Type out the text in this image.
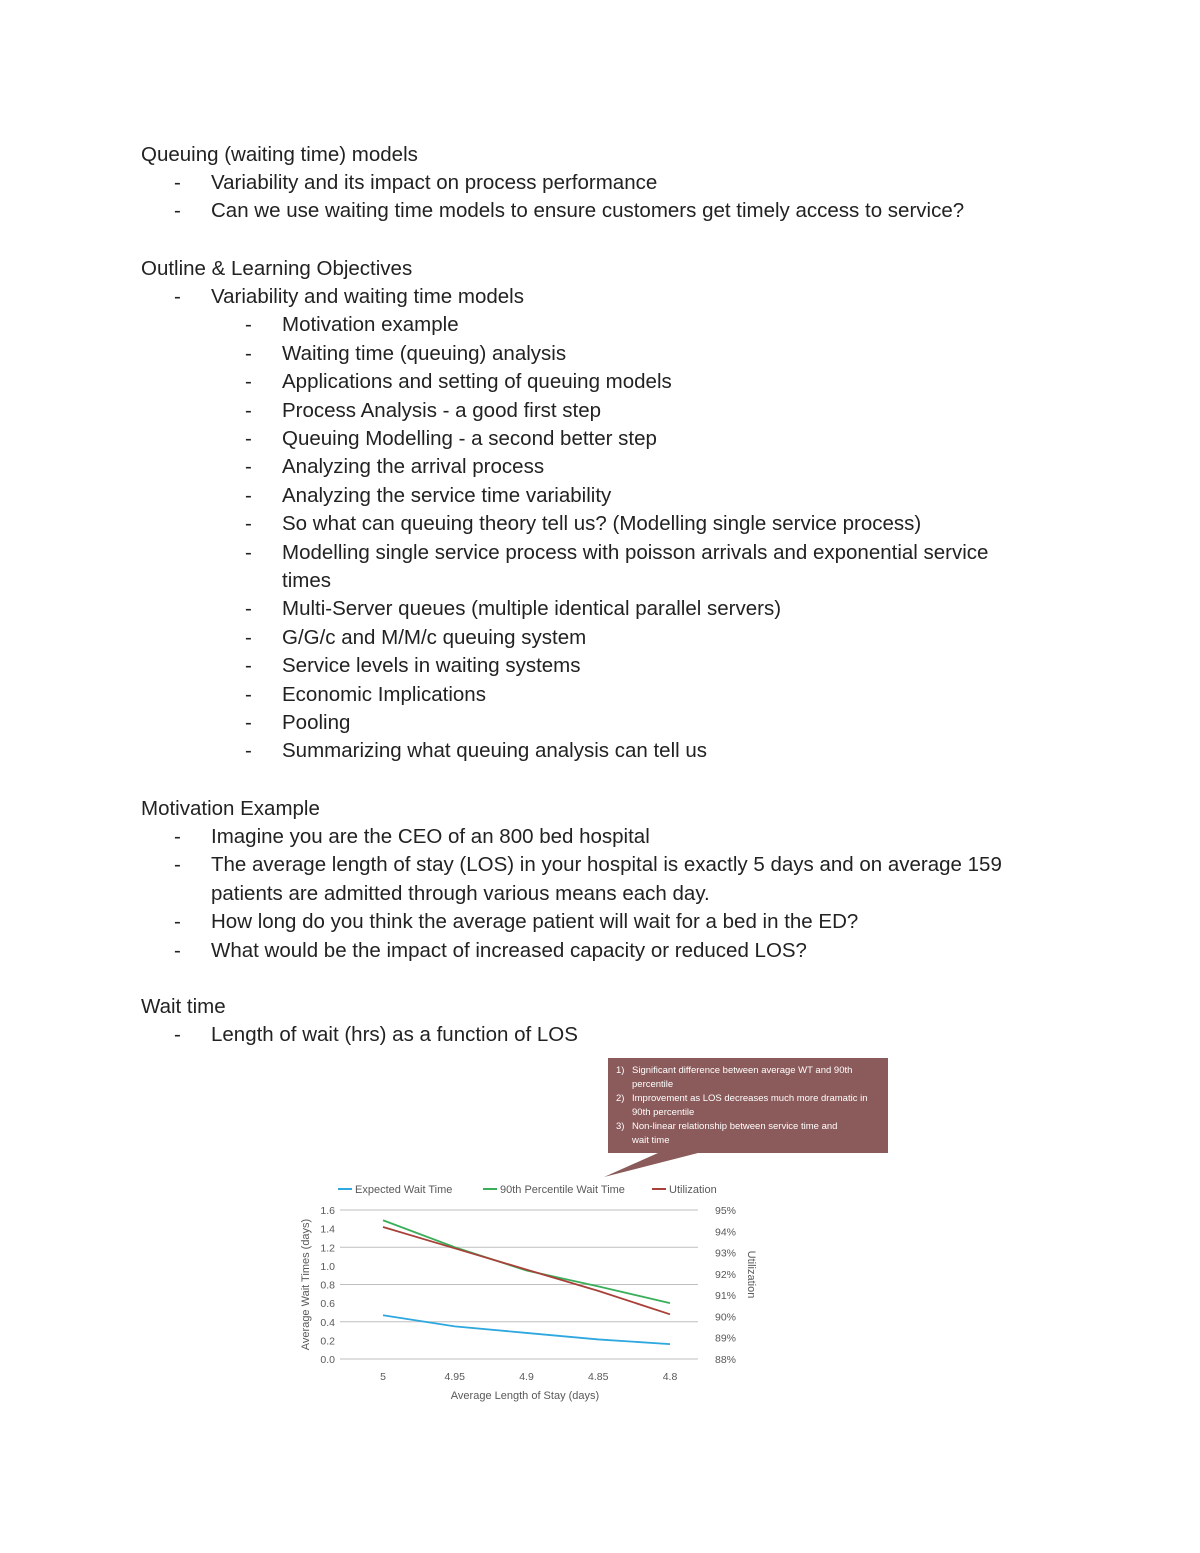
Queuing (waiting time) models
- Variability and its impact on process performance
- Can we use waiting time models to ensure customers get timely access to service?
Outline & Learning Objectives
- Variability and waiting time models
- Motivation example
- Waiting time (queuing) analysis
- Applications and setting of queuing models
- Process Analysis - a good first step
- Queuing Modelling - a second better step
- Analyzing the arrival process
- Analyzing the service time variability
- So what can queuing theory tell us? (Modelling single service process)
- Modelling single service process with poisson arrivals and exponential service times
- Multi-Server queues (multiple identical parallel servers)
- G/G/c and M/M/c queuing system
- Service levels in waiting systems
- Economic Implications
- Pooling
- Summarizing what queuing analysis can tell us
Motivation Example
- Imagine you are the CEO of an 800 bed hospital
- The average length of stay (LOS) in your hospital is exactly 5 days and on average 159 patients are admitted through various means each day.
- How long do you think the average patient will wait for a bed in the ED?
- What would be the impact of increased capacity or reduced LOS?
Wait time
- Length of wait (hrs) as a function of LOS
1) Significant difference between average WT and 90th percentile
2) Improvement as LOS decreases much more dramatic in 90th percentile
3) Non-linear relationship between service time and wait time
0.0
0.2
0.4
0.6
0.8
1.0
1.2
1.4
1.6
88%
89%
90%
91%
92%
93%
94%
95%
5	4.95	4.9	4.85	4.8
Average Length of Stay (days)
Average Wait Times (days)	Utilization
Expected Wait Time	90th Percentile Wait Time	Utilization
